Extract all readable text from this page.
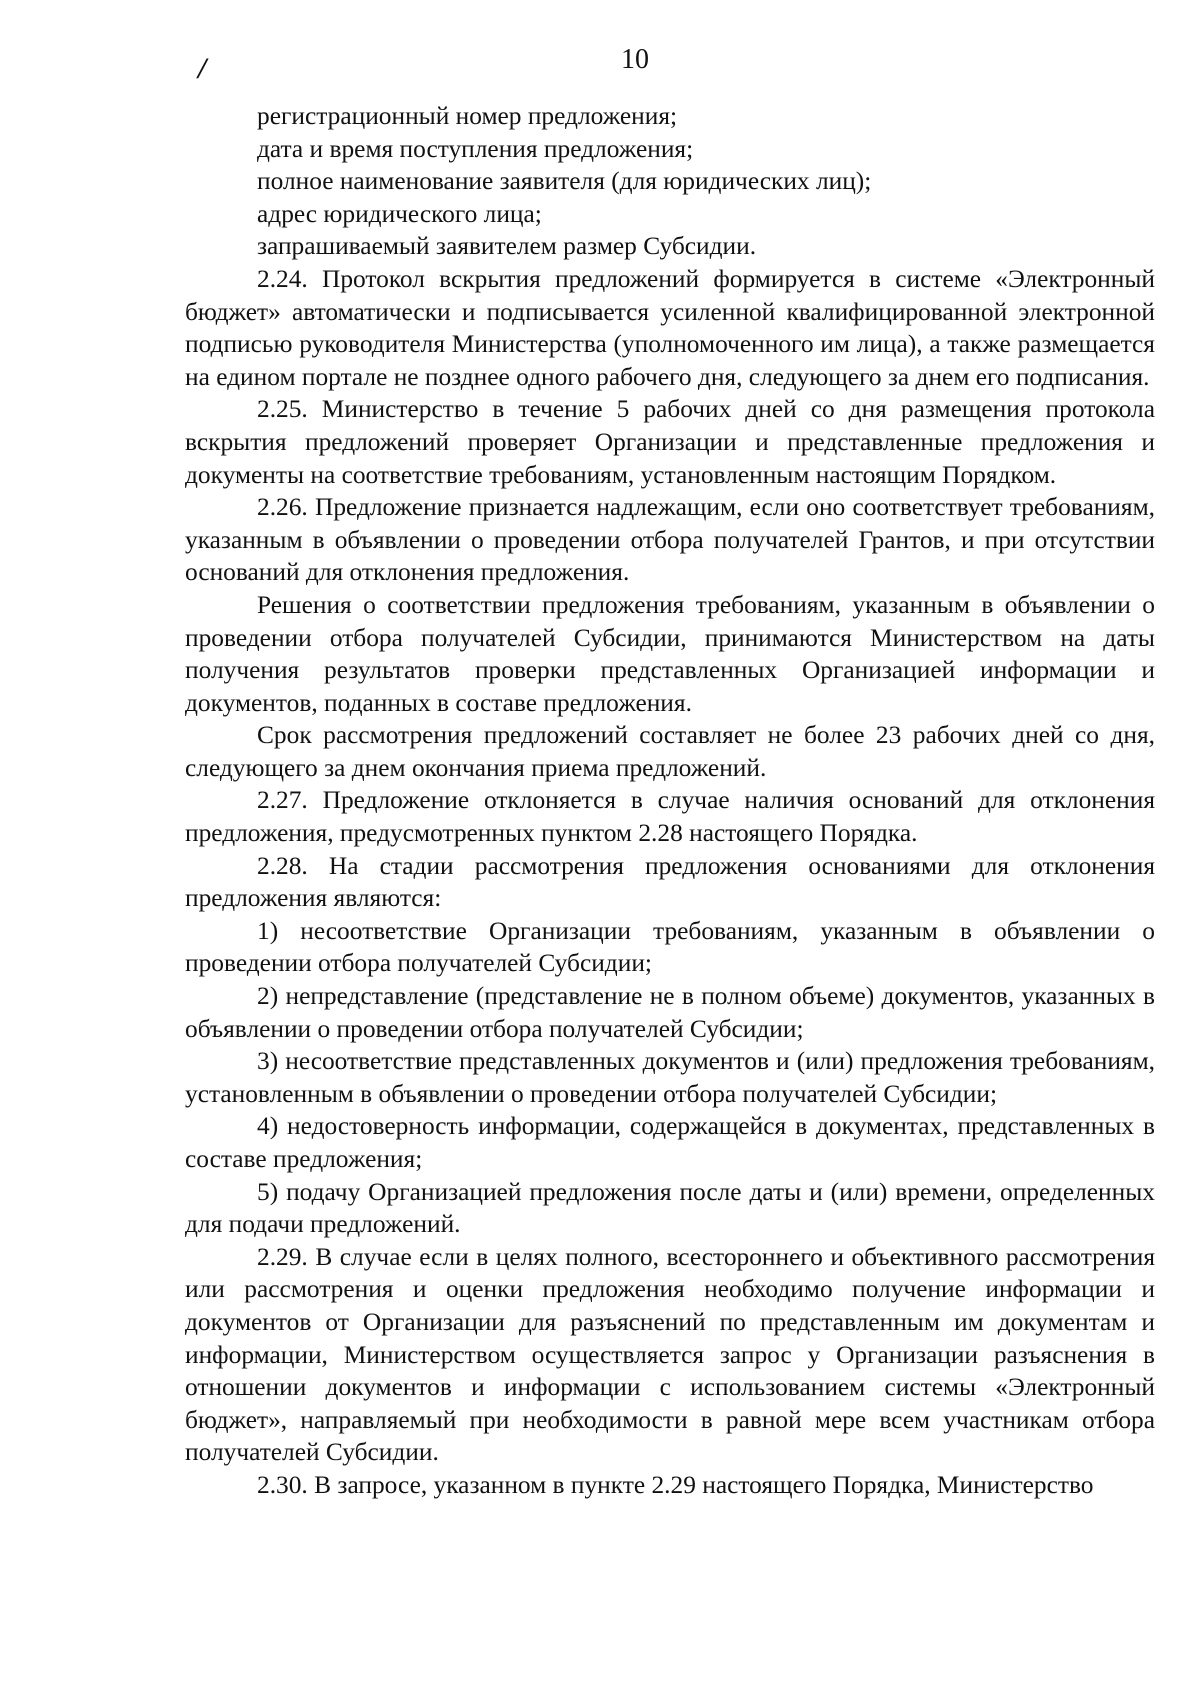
/	10

регистрационный номер предложения;

дата и время поступления предложения;

полное наименование заявителя (для юридических лиц);

адрес юридического лица;

запрашиваемый заявителем размер Субсидии.

2.24. Протокол вскрытия предложений формируется в системе «Электронный бюджет» автоматически и подписывается усиленной квалифицированной электронной подписью руководителя Министерства (уполномоченного им лица), а также размещается на едином портале не позднее одного рабочего дня, следующего за днем его подписания.

2.25. Министерство в течение 5 рабочих дней со дня размещения протокола вскрытия предложений проверяет Организации и представленные предложения и документы на соответствие требованиям, установленным настоящим Порядком.

2.26. Предложение признается надлежащим, если оно соответствует требованиям, указанным в объявлении о проведении отбора получателей Грантов, и при отсутствии оснований для отклонения предложения.

Решения о соответствии предложения требованиям, указанным в объявлении о проведении отбора получателей Субсидии, принимаются Министерством на даты получения результатов проверки представленных Организацией информации и документов, поданных в составе предложения.

Срок рассмотрения предложений составляет не более 23 рабочих дней со дня, следующего за днем окончания приема предложений.

2.27. Предложение отклоняется в случае наличия оснований для отклонения предложения, предусмотренных пунктом 2.28 настоящего Порядка.

2.28. На стадии рассмотрения предложения основаниями для отклонения предложения являются:

1) несоответствие Организации требованиям, указанным в объявлении о проведении отбора получателей Субсидии;

2) непредставление (представление не в полном объеме) документов, указанных в объявлении о проведении отбора получателей Субсидии;

3) несоответствие представленных документов и (или) предложения требованиям, установленным в объявлении о проведении отбора получателей Субсидии;

4) недостоверность информации, содержащейся в документах, представленных в составе предложения;

5) подачу Организацией предложения после даты и (или) времени, определенных для подачи предложений.

2.29. В случае если в целях полного, всестороннего и объективного рассмотрения или рассмотрения и оценки предложения необходимо получение информации и документов от Организации для разъяснений по представленным им документам и информации, Министерством осуществляется запрос у Организации разъяснения в отношении документов и информации с использованием системы «Электронный бюджет», направляемый при необходимости в равной мере всем участникам отбора получателей Субсидии.

2.30. В запросе, указанном в пункте 2.29 настоящего Порядка, Министерство
